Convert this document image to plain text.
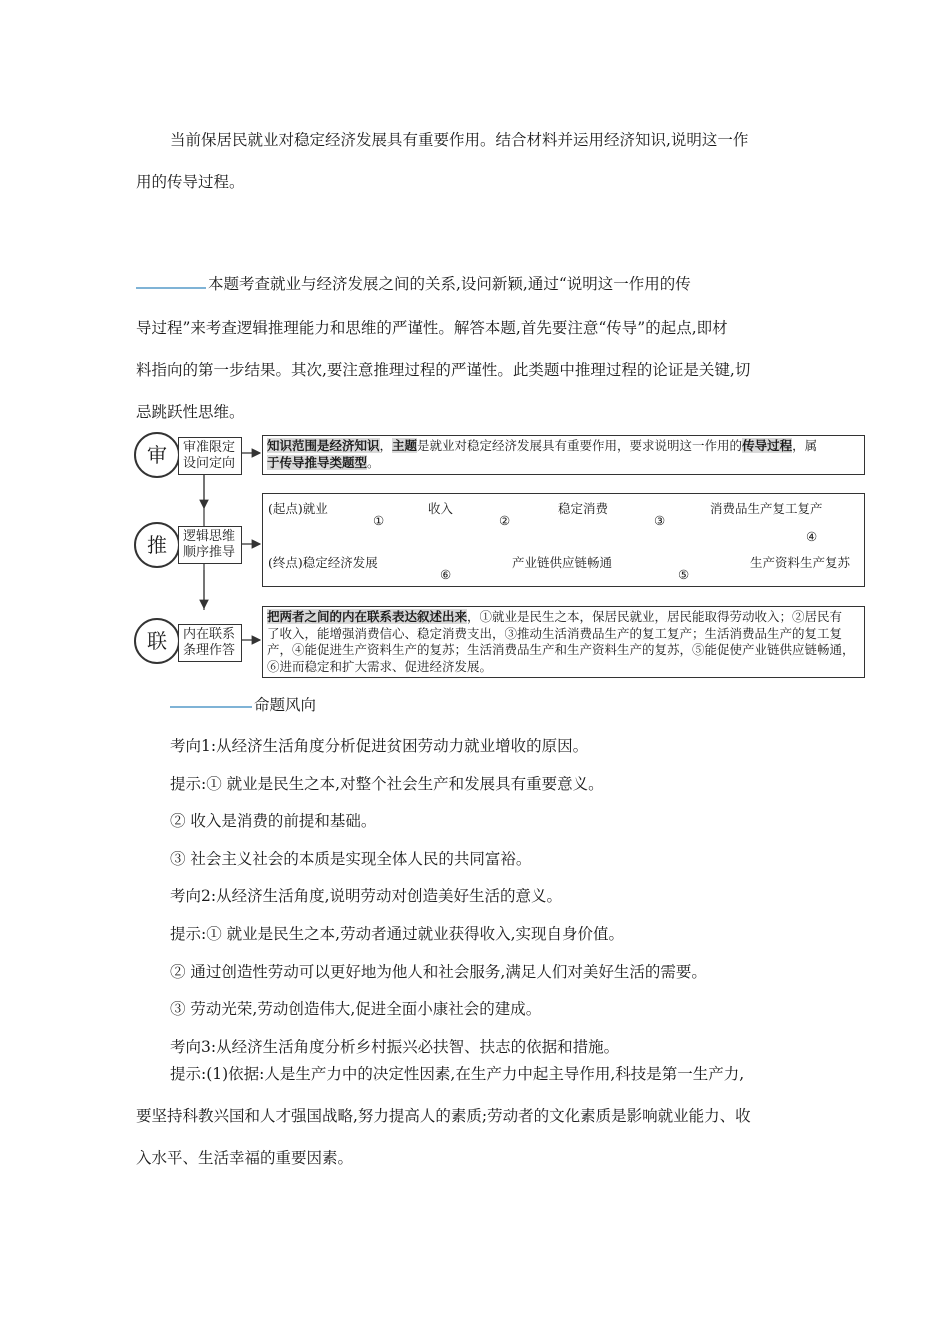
当前保居民就业对稳定经济发展具有重要作用。结合材料并运用经济知识,说明这一作

用的传导过程。

本题考查就业与经济发展之间的关系,设问新颖,通过“说明这一作用的传

导过程”来考查逻辑推理能力和思维的严谨性。解答本题,首先要注意“传导”的起点,即材

料指向的第一步结果。其次,要注意推理过程的严谨性。此类题中推理过程的论证是关键,切

忌跳跃性思维。

审	审准限定
设问定向
知识范围是经济知识，主题是就业对稳定经济发展具有重要作用，要求说明这一作用的传导过程，属
于传导推导类题型。
推	逻辑思维
顺序推导
(起点)就业
①
收入
②
稳定消费
③
消费品生产复工复产
④
生产资料生产复苏
⑤
产业链供应链畅通
⑥
(终点)稳定经济发展
联	内在联系
条理作答
把两者之间的内在联系表达叙述出来，①就业是民生之本，保居民就业，居民能取得劳动收入；②居民有
了收入，能增强消费信心、稳定消费支出，③推动生活消费品生产的复工复产；生活消费品生产的复工复
产，④能促进生产资料生产的复苏；生活消费品生产和生产资料生产的复苏，⑤能促使产业链供应链畅通，
⑥进而稳定和扩大需求、促进经济发展。

命题风向

考向1:从经济生活角度分析促进贫困劳动力就业增收的原因。

提示:① 就业是民生之本,对整个社会生产和发展具有重要意义。

② 收入是消费的前提和基础。

③ 社会主义社会的本质是实现全体人民的共同富裕。

考向2:从经济生活角度,说明劳动对创造美好生活的意义。

提示:① 就业是民生之本,劳动者通过就业获得收入,实现自身价值。

② 通过创造性劳动可以更好地为他人和社会服务,满足人们对美好生活的需要。

③ 劳动光荣,劳动创造伟大,促进全面小康社会的建成。

考向3:从经济生活角度分析乡村振兴必扶智、扶志的依据和措施。

提示:(1)依据:人是生产力中的决定性因素,在生产力中起主导作用,科技是第一生产力,

要坚持科教兴国和人才强国战略,努力提高人的素质;劳动者的文化素质是影响就业能力、收

入水平、生活幸福的重要因素。
